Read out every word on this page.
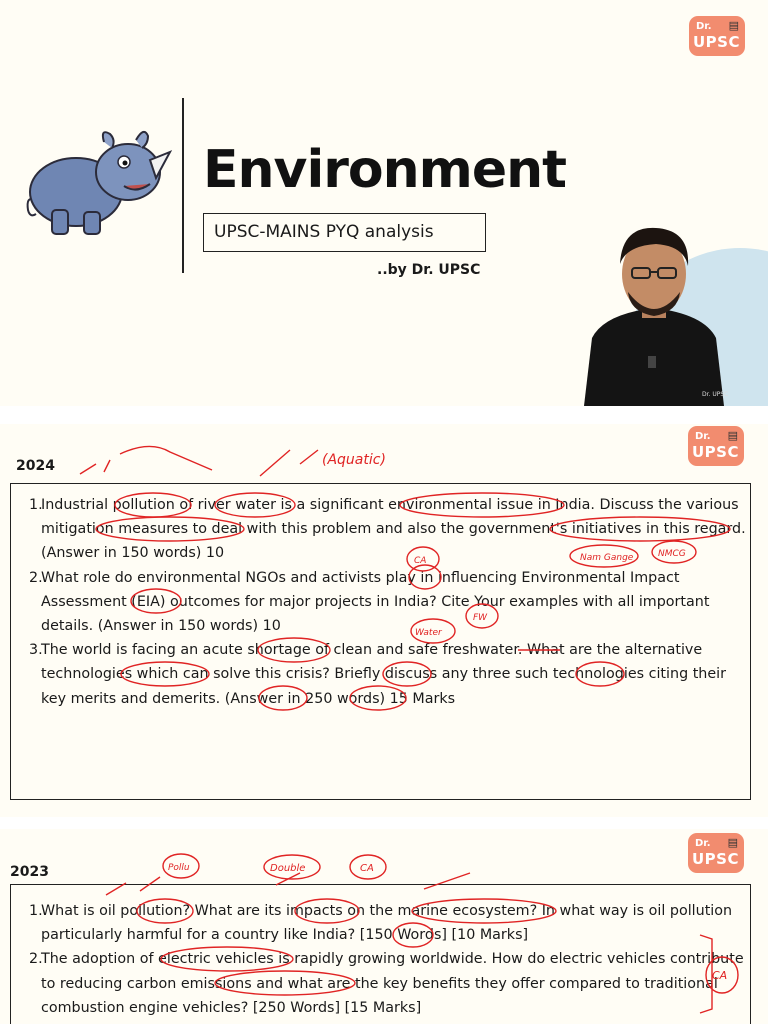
Dr. ▤
UPSC
Environment
UPSC-MAINS PYQ analysis
..by Dr. UPSC
Dr. UPSC
Dr. ▤
UPSC
2024
1.
Industrial pollution of river water is a significant environmental issue in India. Discuss the various mitigation measures to deal with this problem and also the government's initiatives in this regard. (Answer in 150 words) 10
2.
What role do environmental NGOs and activists play in influencing Environmental Impact Assessment (EIA) outcomes for major projects in India? Cite Your examples with all important details. (Answer in 150 words) 10
3.
The world is facing an acute shortage of clean and safe freshwater. What are the alternative technologies which can solve this crisis? Briefly discuss any three such technologies citing their key merits and demerits. (Answer in 250 words) 15 Marks
(Aquatic)
CA	Nam Gange	NMCG
Water
FW
Dr. ▤
UPSC
2023
1.
What is oil pollution? What are its impacts on the marine ecosystem? In what way is oil pollution particularly harmful for a country like India? [150 Words] [10 Marks]
2.
The adoption of electric vehicles is rapidly growing worldwide. How do electric vehicles contribute to reducing carbon emissions and what are the key benefits they offer compared to traditional combustion engine vehicles? [250 Words] [15 Marks]
Pollu	Double	CA
CA
